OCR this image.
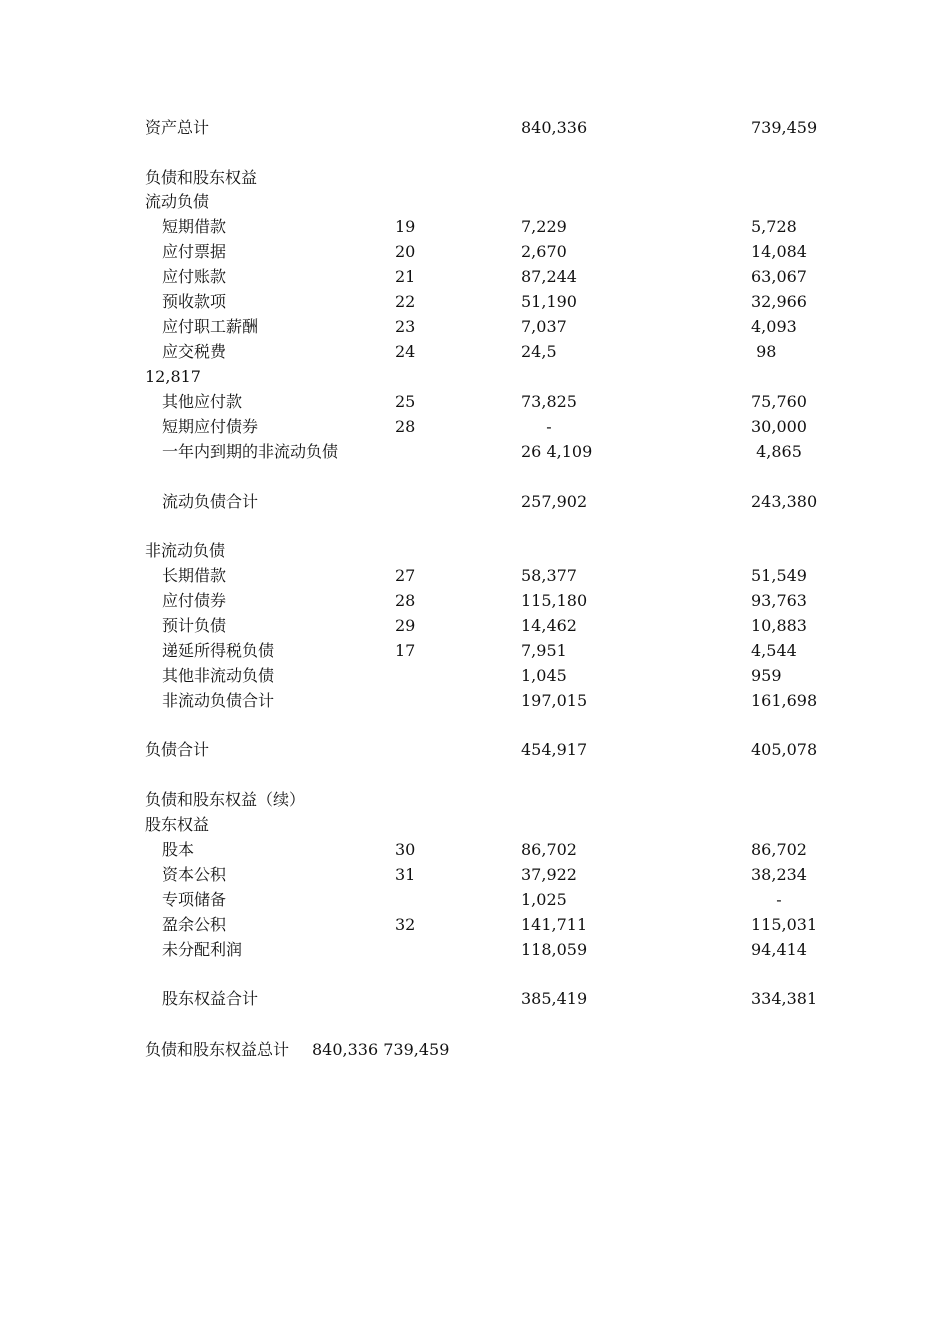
资产总计	840,336	739,459
负债和股东权益
流动负债
短期借款	19	7,229	5,728
应付票据	20	2,670	14,084
应付账款	21	87,244	63,067
预收款项	22	51,190	32,966
应付职工薪酬	23	7,037	4,093
应交税费	24	24,5	98
12,817
其他应付款	25	73,825	75,760
短期应付债券	28	-	30,000
一年内到期的非流动负债	26 4,109	4,865
流动负债合计	257,902	243,380
非流动负债
长期借款	27	58,377	51,549
应付债券	28	115,180	93,763
预计负债	29	14,462	10,883
递延所得税负债	17	7,951	4,544
其他非流动负债	1,045	959
非流动负债合计	197,015	161,698
负债合计	454,917	405,078
负债和股东权益（续）
股东权益
股本	30	86,702	86,702
资本公积	31	37,922	38,234
专项储备	1,025	-
盈余公积	32	141,711	115,031
未分配利润	118,059	94,414
股东权益合计	385,419	334,381
负债和股东权益总计 840,336 739,459
